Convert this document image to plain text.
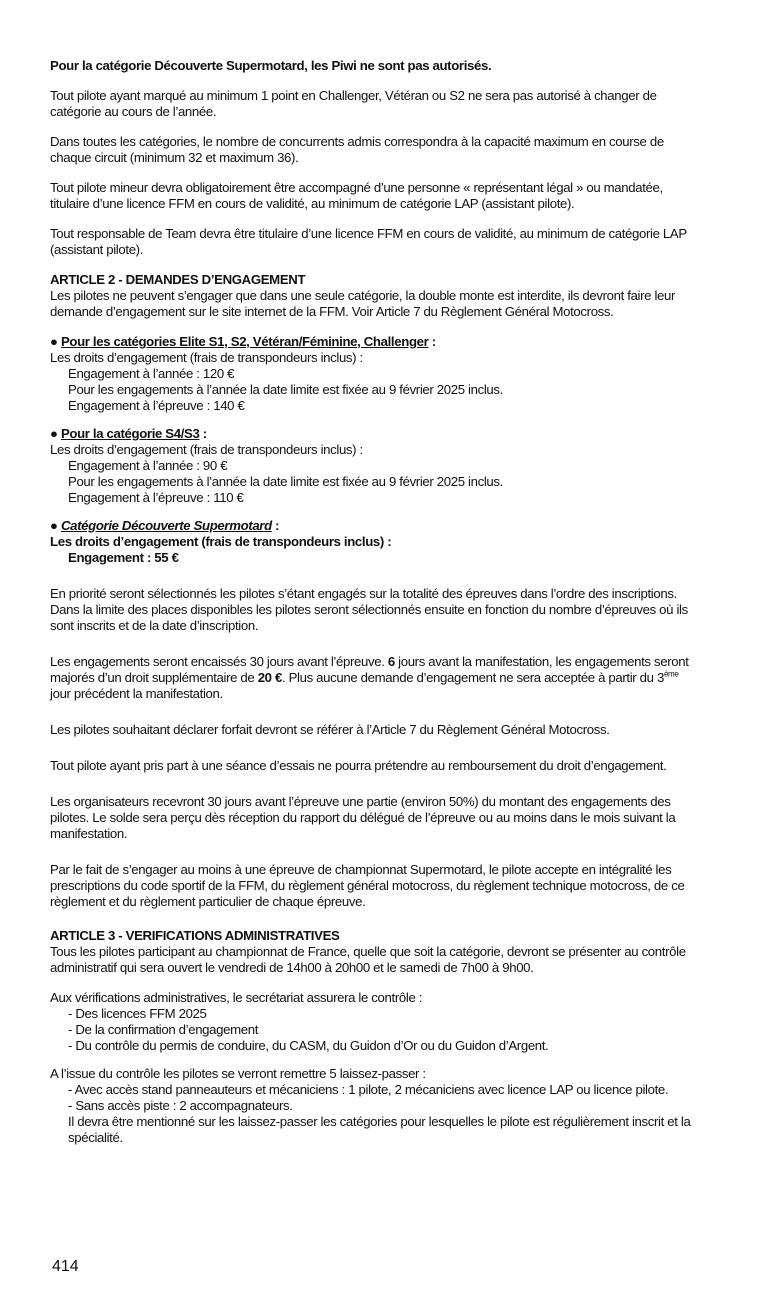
Pour la catégorie Découverte Supermotard, les Piwi ne sont pas autorisés.

Tout pilote ayant marqué au minimum 1 point en Challenger, Vétéran ou S2 ne sera pas autorisé à changer de catégorie au cours de l’année.

Dans toutes les catégories, le nombre de concurrents admis correspondra à la capacité maximum en course de chaque circuit (minimum 32 et maximum 36).

Tout pilote mineur devra obligatoirement être accompagné d’une personne « représentant légal » ou mandatée, titulaire d’une licence FFM en cours de validité, au minimum de catégorie LAP (assistant pilote).

Tout responsable de Team devra être titulaire d’une licence FFM en cours de validité, au minimum de catégorie LAP (assistant pilote).

ARTICLE 2 - DEMANDES D’ENGAGEMENT

Les pilotes ne peuvent s’engager que dans une seule catégorie, la double monte est interdite, ils devront faire leur demande d’engagement sur le site internet de la FFM. Voir Article 7 du Règlement Général Motocross.

● Pour les catégories Elite S1, S2, Vétéran/Féminine, Challenger :

Les droits d’engagement (frais de transpondeurs inclus) :

Engagement à l’année : 120 €

Pour les engagements à l’année la date limite est fixée au 9 février 2025 inclus.

Engagement à l’épreuve : 140 €

● Pour la catégorie S4/S3 :

Les droits d’engagement (frais de transpondeurs inclus) :

Engagement à l’année : 90 €

Pour les engagements à l’année la date limite est fixée au 9 février 2025 inclus.

Engagement à l’épreuve : 110 €

● Catégorie Découverte Supermotard :

Les droits d’engagement (frais de transpondeurs inclus) :

Engagement : 55 €

En priorité seront sélectionnés les pilotes s’étant engagés sur la totalité des épreuves dans l’ordre des inscriptions. Dans la limite des places disponibles les pilotes seront sélectionnés ensuite en fonction du nombre d’épreuves où ils sont inscrits et de la date d’inscription.

Les engagements seront encaissés 30 jours avant l’épreuve. 6 jours avant la manifestation, les engagements seront majorés d’un droit supplémentaire de 20 €. Plus aucune demande d’engagement ne sera acceptée à partir du 3ème jour précédent la manifestation.

Les pilotes souhaitant déclarer forfait devront se référer à l’Article 7 du Règlement Général Motocross.

Tout pilote ayant pris part à une séance d’essais ne pourra prétendre au remboursement du droit d’engagement.

Les organisateurs recevront 30 jours avant l’épreuve une partie (environ 50%) du montant des engagements des pilotes. Le solde sera perçu dès réception du rapport du délégué de l’épreuve ou au moins dans le mois suivant la manifestation.

Par le fait de s’engager au moins à une épreuve de championnat Supermotard, le pilote accepte en intégralité les prescriptions du code sportif de la FFM, du règlement général motocross, du règlement technique motocross, de ce règlement et du règlement particulier de chaque épreuve.

ARTICLE 3 - VERIFICATIONS ADMINISTRATIVES

Tous les pilotes participant au championnat de France, quelle que soit la catégorie, devront se présenter au contrôle administratif qui sera ouvert le vendredi de 14h00 à 20h00 et le samedi de 7h00 à 9h00.

Aux vérifications administratives, le secrétariat assurera le contrôle :

- Des licences FFM 2025

- De la confirmation d’engagement

- Du contrôle du permis de conduire, du CASM, du Guidon d’Or ou du Guidon d’Argent.

A l’issue du contrôle les pilotes se verront remettre 5 laissez-passer :

- Avec accès stand panneauteurs et mécaniciens : 1 pilote, 2 mécaniciens avec licence LAP ou licence pilote.

- Sans accès piste : 2 accompagnateurs.

Il devra être mentionné sur les laissez-passer les catégories pour lesquelles le pilote est régulièrement inscrit et la spécialité.

414
